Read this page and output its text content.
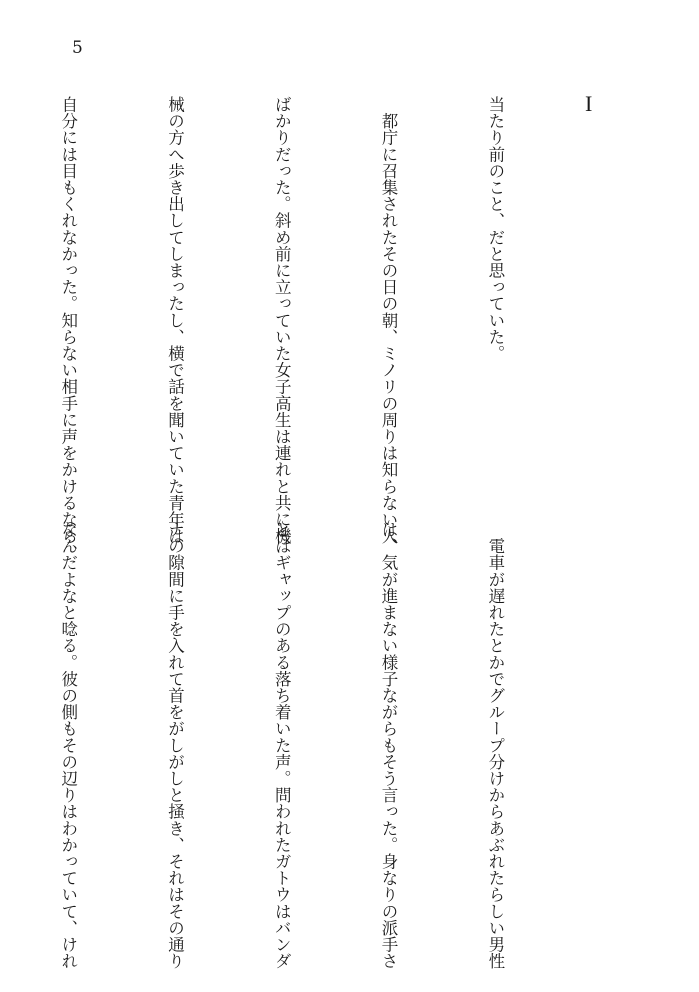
5
I

当たり前のこと、だと思っていた。

　都庁に召集されたその日の朝、ミノリの周りは知らない人

ばかりだった。斜め前に立っていた女子高生は連れと共に機

械の方へ歩き出してしまったし、横で話を聞いていた青年は

自分には目もくれなかった。知らない相手に声をかけるなら、

　電車が遅れたとかでグループ分けからあぶれたらしい男性

は、気が進まない様子ながらもそう言った。身なりの派手さ

とはギャップのある落ち着いた声。問われたガトウはバンダ

ナの隙間に手を入れて首をがしがしと掻き、それはその通り

なんだよなと唸る。彼の側もその辺りはわかっていて、けれ
